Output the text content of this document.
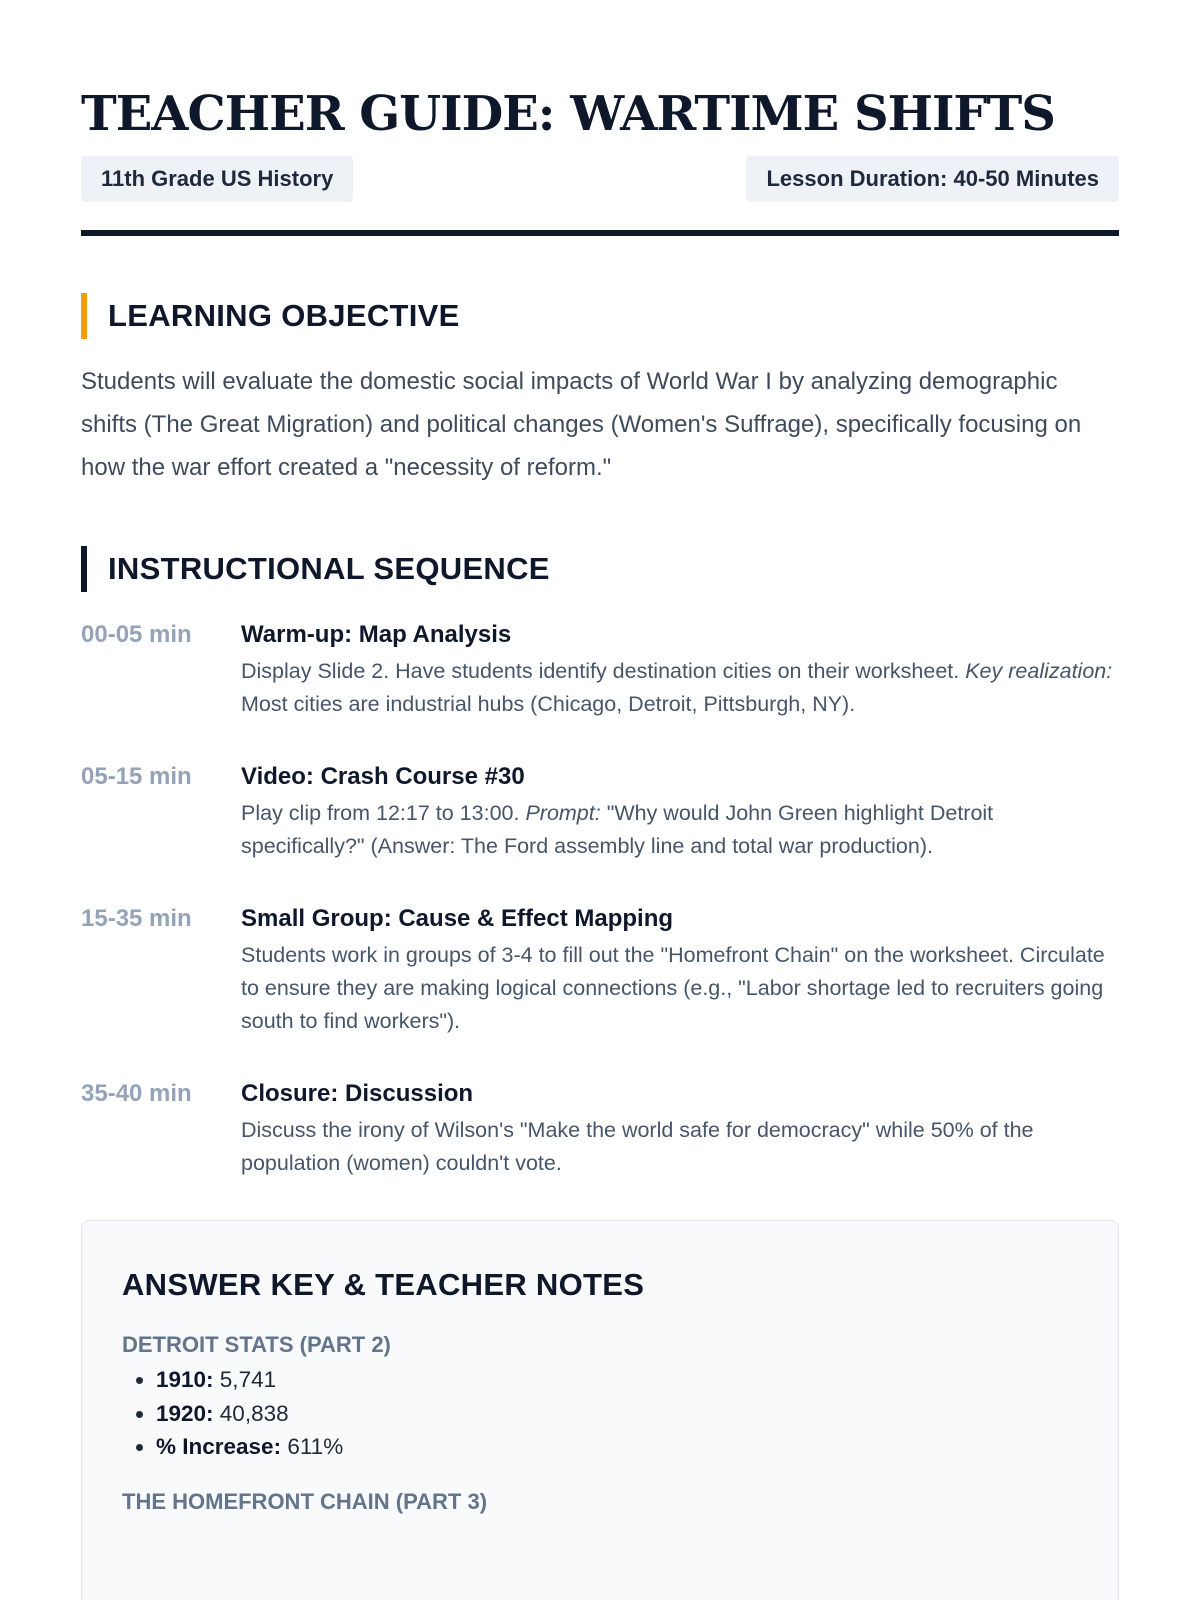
TEACHER GUIDE: WARTIME SHIFTS
11th Grade US History	Lesson Duration: 40-50 Minutes
LEARNING OBJECTIVE

Students will evaluate the domestic social impacts of World War I by analyzing demographic shifts (The Great Migration) and political changes (Women's Suffrage), specifically focusing on how the war effort created a "necessity of reform."

INSTRUCTIONAL SEQUENCE
00-05 min	Warm-up: Map Analysis
Display Slide 2. Have students identify destination cities on their worksheet. Key realization: Most cities are industrial hubs (Chicago, Detroit, Pittsburgh, NY).
05-15 min	Video: Crash Course #30
Play clip from 12:17 to 13:00. Prompt: "Why would John Green highlight Detroit specifically?" (Answer: The Ford assembly line and total war production).
15-35 min	Small Group: Cause & Effect Mapping
Students work in groups of 3-4 to fill out the "Homefront Chain" on the worksheet. Circulate to ensure they are making logical connections (e.g., "Labor shortage led to recruiters going south to find workers").
35-40 min	Closure: Discussion
Discuss the irony of Wilson's "Make the world safe for democracy" while 50% of the population (women) couldn't vote.
ANSWER KEY & TEACHER NOTES
DETROIT STATS (PART 2)
• 1910: 5,741
• 1920: 40,838
• % Increase: 611%
THE HOMEFRONT CHAIN (PART 3)
